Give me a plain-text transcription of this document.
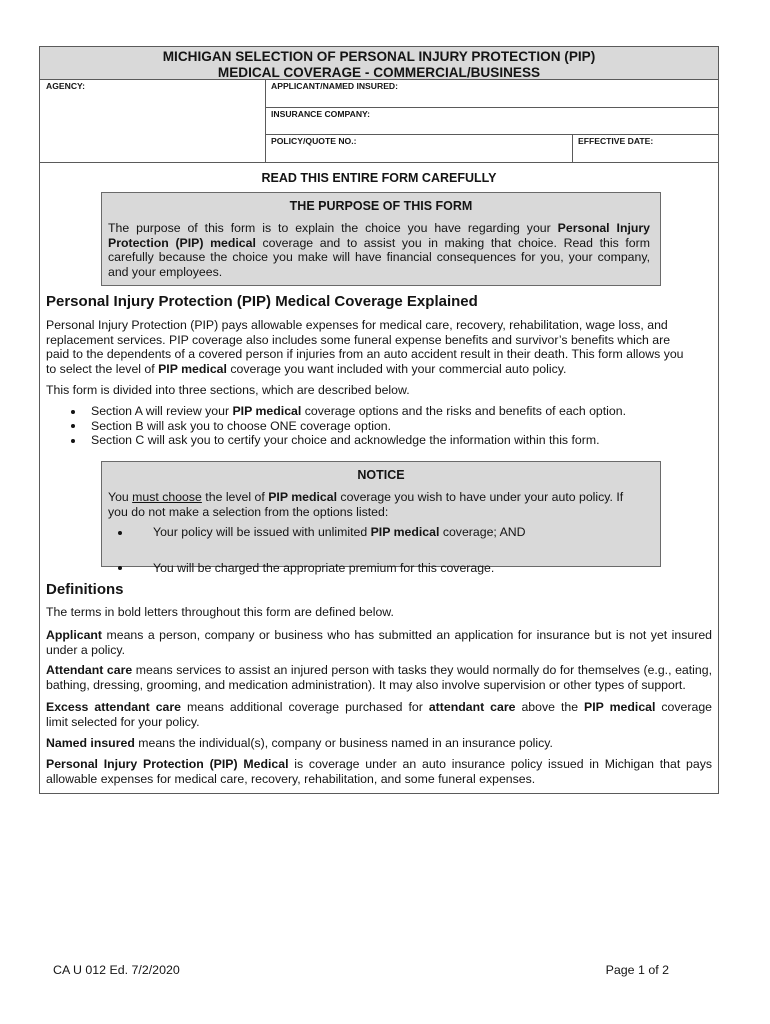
MICHIGAN SELECTION OF PERSONAL INJURY PROTECTION (PIP)
MEDICAL COVERAGE - COMMERCIAL/BUSINESS
AGENCY:	APPLICANT/NAMED INSURED:
INSURANCE COMPANY:
POLICY/QUOTE NO.:	EFFECTIVE DATE:
READ THIS ENTIRE FORM CAREFULLY
THE PURPOSE OF THIS FORM
The purpose of this form is to explain the choice you have regarding your Personal Injury
Protection (PIP) medical coverage and to assist you in making that choice. Read this form
carefully because the choice you make will have financial consequences for you, your company,
and your employees.
Personal Injury Protection (PIP) Medical Coverage Explained
Personal Injury Protection (PIP) pays allowable expenses for medical care, recovery, rehabilitation, wage loss, and
replacement services. PIP coverage also includes some funeral expense benefits and survivor’s benefits which are
paid to the dependents of a covered person if injuries from an auto accident result in their death. This form allows you
to select the level of PIP medical coverage you want included with your commercial auto policy.
This form is divided into three sections, which are described below.
Section A will review your PIP medical coverage options and the risks and benefits of each option.
Section B will ask you to choose ONE coverage option.
Section C will ask you to certify your choice and acknowledge the information within this form.
NOTICE
You must choose the level of PIP medical coverage you wish to have under your auto policy. If
you do not make a selection from the options listed:
Your policy will be issued with unlimited PIP medical coverage; AND
You will be charged the appropriate premium for this coverage.
Definitions
The terms in bold letters throughout this form are defined below.
Applicant means a person, company or business who has submitted an application for insurance but is not yet insured
under a policy.
Attendant care means services to assist an injured person with tasks they would normally do for themselves (e.g., eating,
bathing, dressing, grooming, and medication administration). It may also involve supervision or other types of support.
Excess attendant care means additional coverage purchased for attendant care above the PIP medical coverage
limit selected for your policy.
Named insured means the individual(s), company or business named in an insurance policy.
Personal Injury Protection (PIP) Medical is coverage under an auto insurance policy issued in Michigan that pays
allowable expenses for medical care, recovery, rehabilitation, and some funeral expenses.
CA U 012 Ed. 7/2/2020	Page 1 of 2
